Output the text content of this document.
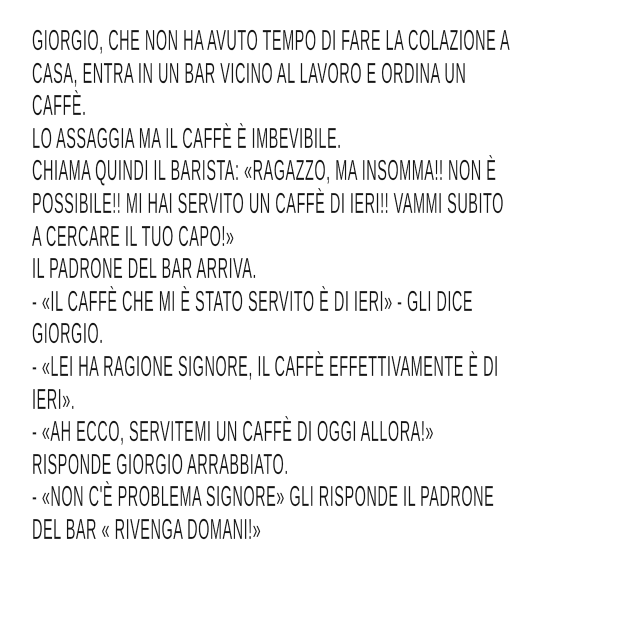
GIORGIO, CHE NON HA AVUTO TEMPO DI FARE LA COLAZIONE A
CASA, ENTRA IN UN BAR VICINO AL LAVORO E ORDINA UN
CAFFÈ.
LO ASSAGGIA MA IL CAFFÈ È IMBEVIBILE.
CHIAMA QUINDI IL BARISTA: «RAGAZZO, MA INSOMMA!! NON È
POSSIBILE!! MI HAI SERVITO UN CAFFÈ DI IERI!! VAMMI SUBITO
A CERCARE IL TUO CAPO!»
IL PADRONE DEL BAR ARRIVA.
- «IL CAFFÈ CHE MI È STATO SERVITO È DI IERI» - GLI DICE
GIORGIO.
- «LEI HA RAGIONE SIGNORE, IL CAFFÈ EFFETTIVAMENTE È DI
IERI».
- «AH ECCO, SERVITEMI UN CAFFÈ DI OGGI ALLORA!»
RISPONDE GIORGIO ARRABBIATO.
- «NON C'È PROBLEMA SIGNORE» GLI RISPONDE IL PADRONE
DEL BAR « RIVENGA DOMANI!»
